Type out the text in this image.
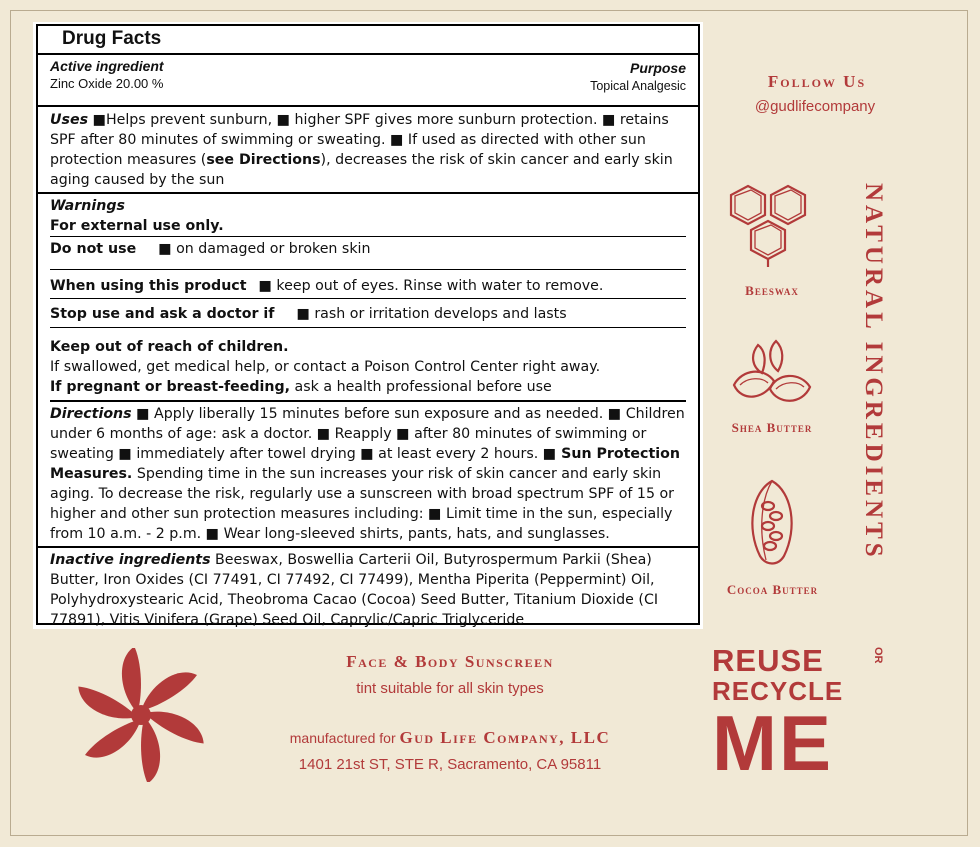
Drug Facts
Active ingredient
Zinc Oxide 20.00 %
Purpose
Topical Analgesic
Uses ■Helps prevent sunburn, ■ higher SPF gives more sunburn protection. ■ retains SPF after 80 minutes of swimming or sweating. ■ If used as directed with other sun protection measures (see Directions), decreases the risk of skin cancer and early skin aging caused by the sun
Warnings
For external use only.
Do not use ■ on damaged or broken skin
When using this product ■ keep out of eyes. Rinse with water to remove.
Stop use and ask a doctor if ■ rash or irritation develops and lasts
Keep out of reach of children.
If swallowed, get medical help, or contact a Poison Control Center right away.
If pregnant or breast-feeding, ask a health professional before use
Directions ■ Apply liberally 15 minutes before sun exposure and as needed. ■ Children under 6 months of age: ask a doctor. ■ Reapply ■ after 80 minutes of swimming or sweating ■ immediately after towel drying ■ at least every 2 hours. ■ Sun Protection Measures. Spending time in the sun increases your risk of skin cancer and early skin aging. To decrease the risk, regularly use a sunscreen with broad spectrum SPF of 15 or higher and other sun protection measures including: ■ Limit time in the sun, especially from 10 a.m. - 2 p.m. ■ Wear long-sleeved shirts, pants, hats, and sunglasses.
Inactive ingredients Beeswax, Boswellia Carterii Oil, Butyrospermum Parkii (Shea) Butter, Iron Oxides (CI 77491, CI 77492, CI 77499), Mentha Piperita (Peppermint) Oil, Polyhydroxystearic Acid, Theobroma Cacao (Cocoa) Seed Butter, Titanium Dioxide (CI 77891), Vitis Vinifera (Grape) Seed Oil, Caprylic/Capric Triglyceride
Follow Us
@gudlifecompany
Beeswax
Shea Butter
Cocoa Butter
NATURAL INGREDIENTS
Face & Body Sunscreen
tint suitable for all skin types
manufactured for Gud Life Company, LLC
1401 21st ST, STE R, Sacramento, CA 95811
REUSE	OR
RECYCLE
ME
